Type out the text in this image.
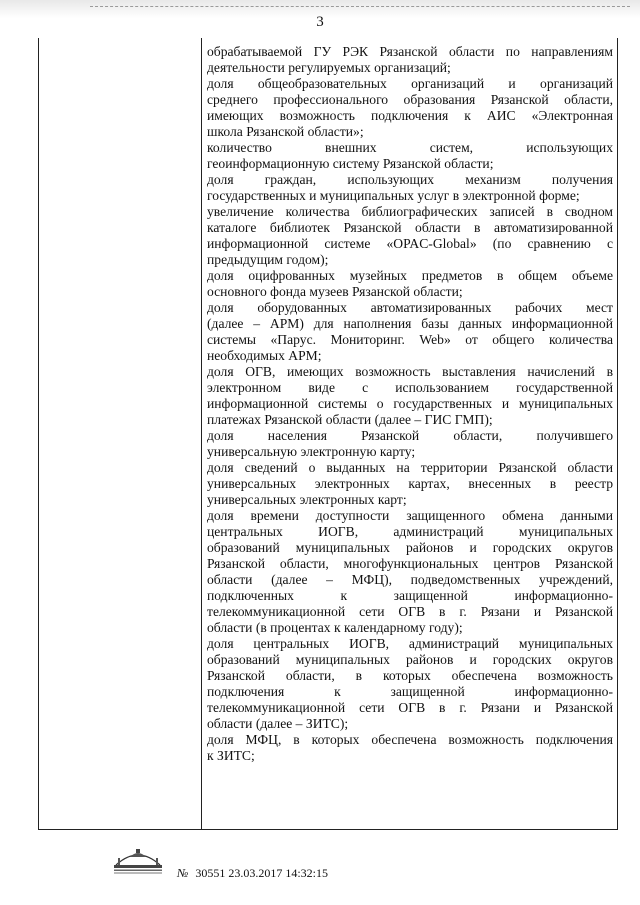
3

обрабатываемой ГУ РЭК Рязанской области по направлениям

деятельности регулируемых организаций;

доля общеобразовательных организаций и организаций

среднего профессионального образования Рязанской области,

имеющих возможность подключения к АИС «Электронная

школа Рязанской области»;

количество внешних систем, использующих

геоинформационную систему Рязанской области;

доля граждан, использующих механизм получения

государственных и муниципальных услуг в электронной форме;

увеличение количества библиографических записей в сводном

каталоге библиотек Рязанской области в автоматизированной

информационной системе «OPAC-Global» (по сравнению с

предыдущим годом);

доля оцифрованных музейных предметов в общем объеме

основного фонда музеев Рязанской области;

доля оборудованных автоматизированных рабочих мест

(далее – АРМ) для наполнения базы данных информационной

системы «Парус. Мониторинг. Web» от общего количества

необходимых АРМ;

доля ОГВ, имеющих возможность выставления начислений в

электронном виде с использованием государственной

информационной системы о государственных и муниципальных

платежах Рязанской области (далее – ГИС ГМП);

доля населения Рязанской области, получившего

универсальную электронную карту;

доля сведений о выданных на территории Рязанской области

универсальных электронных картах, внесенных в реестр

универсальных электронных карт;

доля времени доступности защищенного обмена данными

центральных ИОГВ, администраций муниципальных

образований муниципальных районов и городских округов

Рязанской области, многофункциональных центров Рязанской

области (далее – МФЦ), подведомственных учреждений,

подключенных к защищенной информационно-

телекоммуникационной сети ОГВ в г. Рязани и Рязанской

области (в процентах к календарному году);

доля центральных ИОГВ, администраций муниципальных

образований муниципальных районов и городских округов

Рязанской области, в которых обеспечена возможность

подключения к защищенной информационно-

телекоммуникационной сети ОГВ в г. Рязани и Рязанской

области (далее – ЗИТС);

доля МФЦ, в которых обеспечена возможность подключения

к ЗИТС;

№ 30551 23.03.2017 14:32:15
